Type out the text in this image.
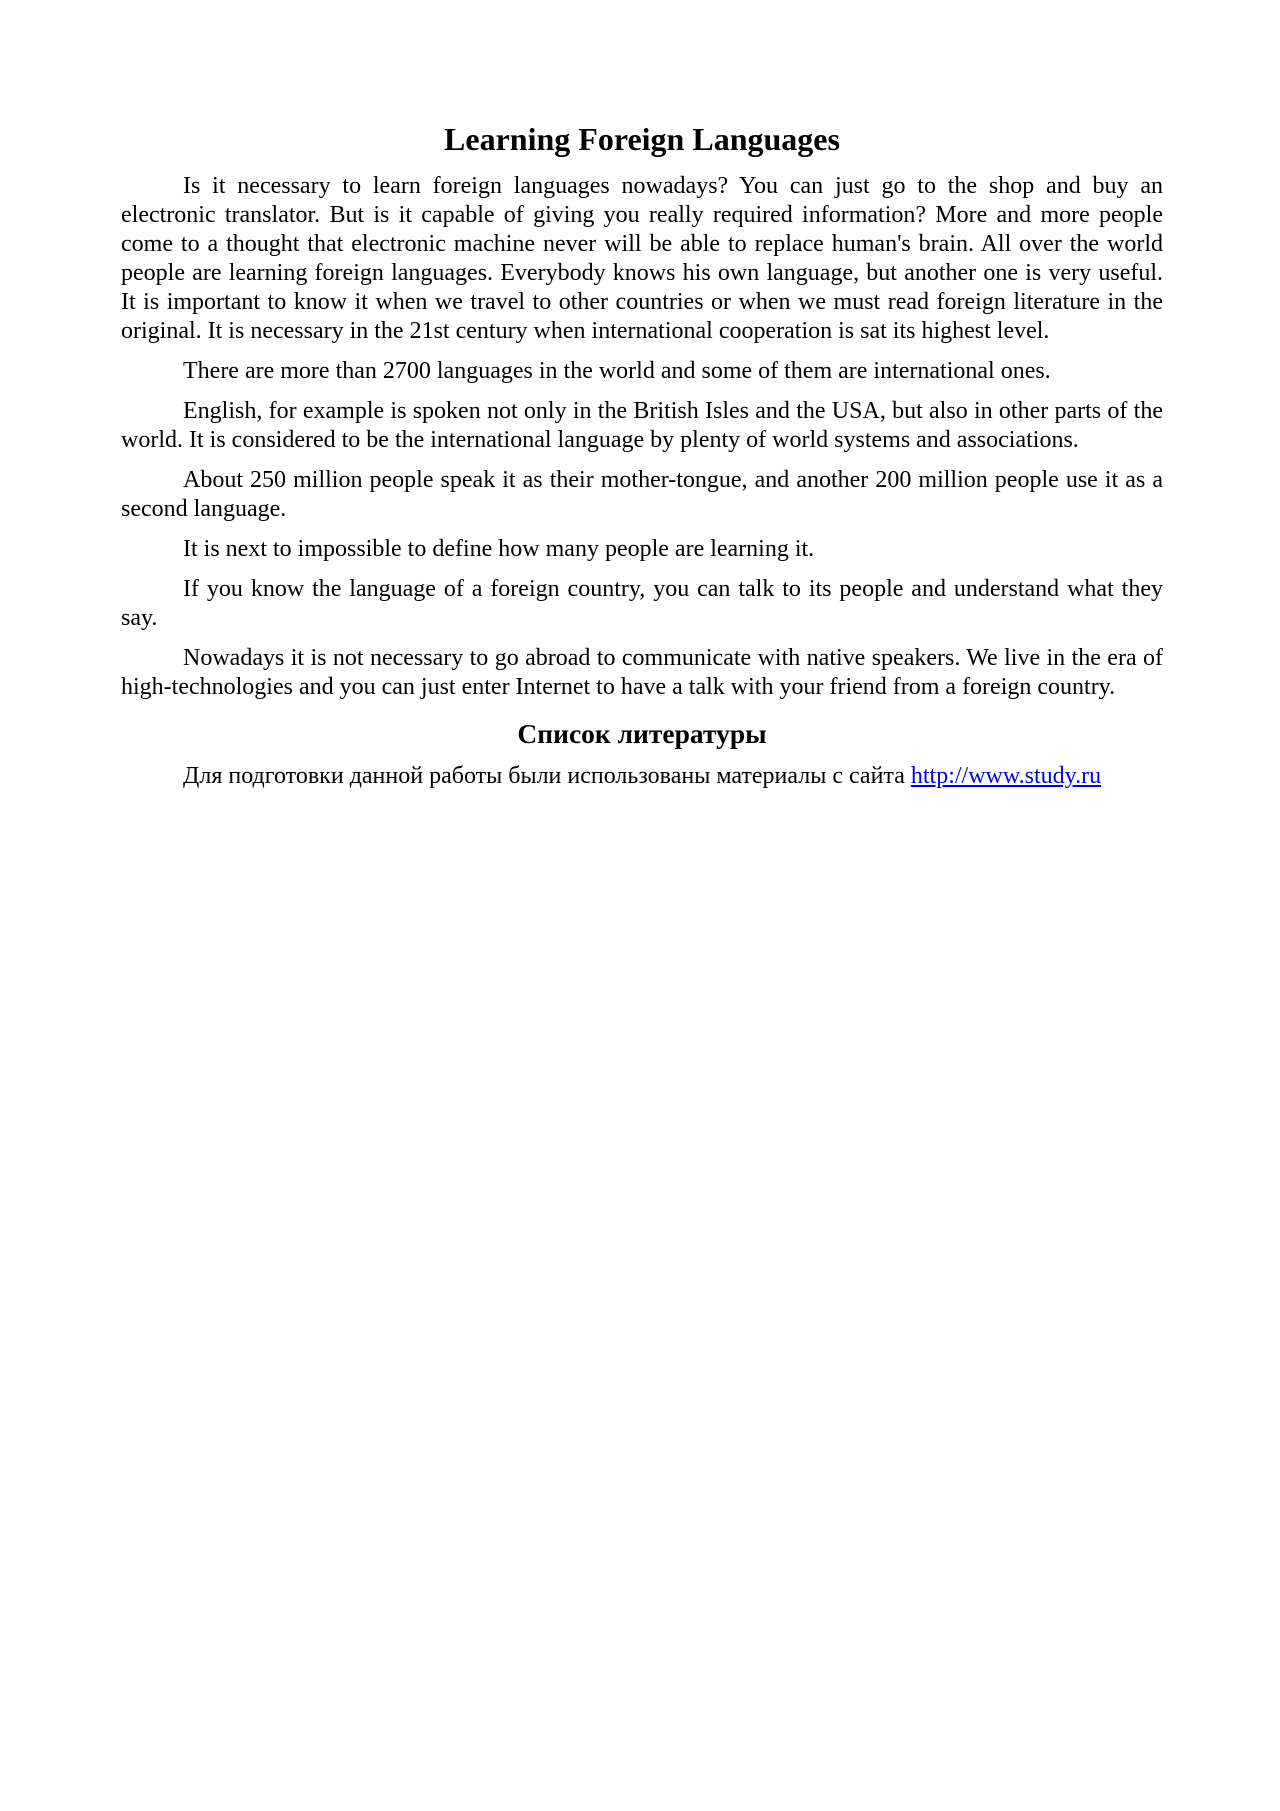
Learning Foreign Languages

Is it necessary to learn foreign languages nowadays? You can just go to the shop and buy an electronic translator. But is it capable of giving you really required information? More and more people come to a thought that electronic machine never will be able to replace human's brain. All over the world people are learning foreign languages. Everybody knows his own language, but another one is very useful. It is important to know it when we travel to other countries or when we must read foreign literature in the original. It is necessary in the 21st century when international cooperation is sat its highest level.

There are more than 2700 languages in the world and some of them are international ones.

English, for example is spoken not only in the British Isles and the USA, but also in other parts of the world. It is considered to be the international language by plenty of world systems and associations.

About 250 million people speak it as their mother-tongue, and another 200 million people use it as a second language.

It is next to impossible to define how many people are learning it.

If you know the language of a foreign country, you can talk to its people and understand what they say.

Nowadays it is not necessary to go abroad to communicate with native speakers. We live in the era of high-technologies and you can just enter Internet to have a talk with your friend from a foreign country.

Список литературы

Для подготовки данной работы были использованы материалы с сайта http://www.study.ru
